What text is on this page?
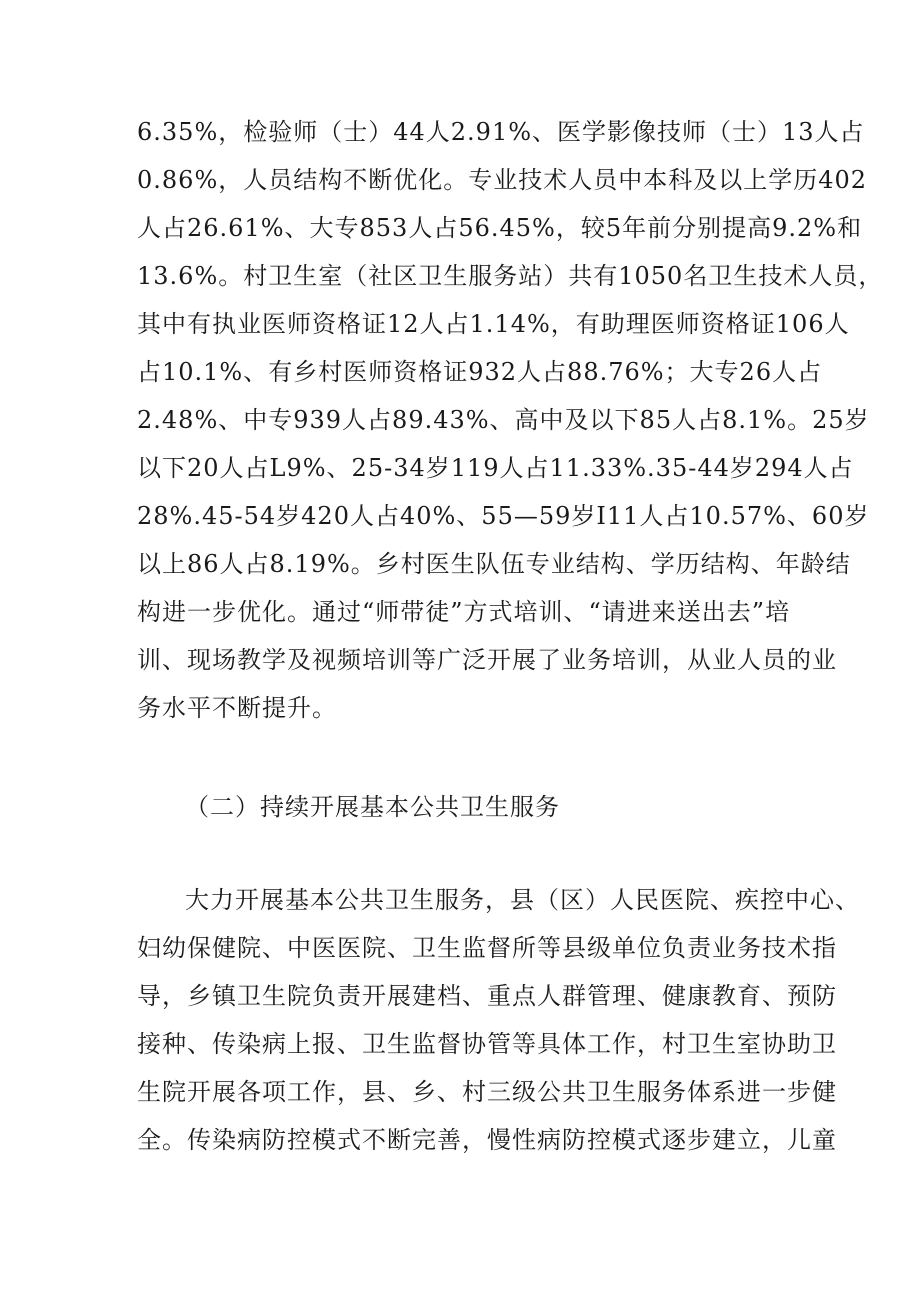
6.35%，检验师（士）44人2.91%、医学影像技师（士）13人占
0.86%，人员结构不断优化。专业技术人员中本科及以上学历402
人占26.61%、大专853人占56.45%，较5年前分别提高9.2%和
13.6%。村卫生室（社区卫生服务站）共有1050名卫生技术人员，
其中有执业医师资格证12人占1.14%，有助理医师资格证106人
占10.1%、有乡村医师资格证932人占88.76%；大专26人占
2.48%、中专939人占89.43%、高中及以下85人占8.1%。25岁
以下20人占L9%、25-34岁119人占11.33%.35-44岁294人占
28%.45-54岁420人占40%、55—59岁I11人占10.57%、60岁
以上86人占8.19%。乡村医生队伍专业结构、学历结构、年龄结
构进一步优化。通过“师带徒”方式培训、“请进来送出去”培
训、现场教学及视频培训等广泛开展了业务培训，从业人员的业
务水平不断提升。
（二）持续开展基本公共卫生服务
大力开展基本公共卫生服务，县（区）人民医院、疾控中心、
妇幼保健院、中医医院、卫生监督所等县级单位负责业务技术指
导，乡镇卫生院负责开展建档、重点人群管理、健康教育、预防
接种、传染病上报、卫生监督协管等具体工作，村卫生室协助卫
生院开展各项工作，县、乡、村三级公共卫生服务体系进一步健
全。传染病防控模式不断完善，慢性病防控模式逐步建立，儿童
